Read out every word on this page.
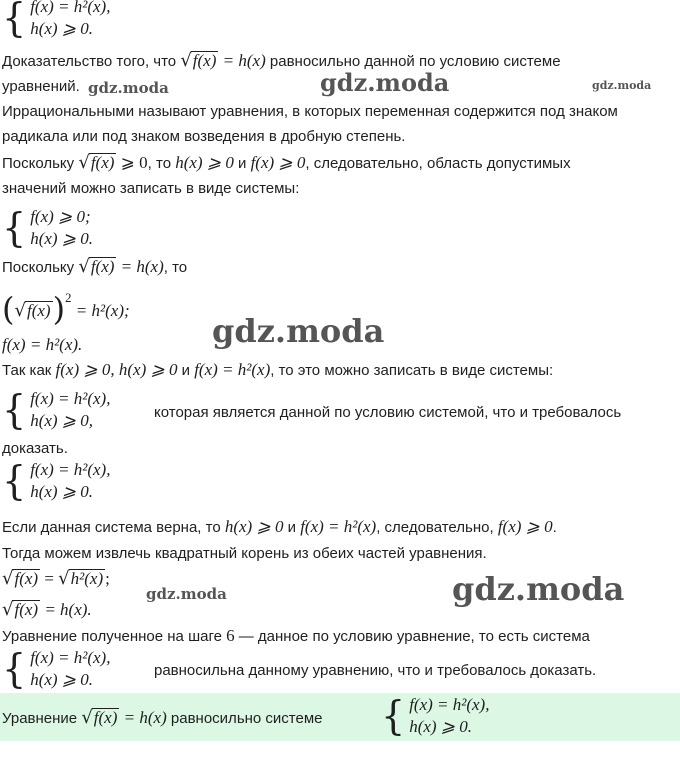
{ f(x) = h²(x),
h(x) ⩾ 0.
Доказательство того, что √f(x) = h(x) равносильно данной по условию системе
уравнений. gdz.moda	gdz.moda	gdz.moda
Иррациональными называют уравнения, в которых переменная содержится под знаком
радикала или под знаком возведения в дробную степень.
Поскольку √f(x) ⩾ 0, то h(x) ⩾ 0 и f(x) ⩾ 0, следовательно, область допустимых
значений можно записать в виде системы:
{ f(x) ⩾ 0;
h(x) ⩾ 0.
Поскольку √f(x) = h(x), то
$(√f(x))^2 = h^2(x)$;
gdz.moda
f(x) = h²(x).
Так как f(x) ⩾ 0, h(x) ⩾ 0 и f(x) = h²(x), то это можно записать в виде системы:
{ f(x) = h²(x),
h(x) ⩾ 0,	которая является данной по условию системой, что и требовалось
доказать.
{ f(x) = h²(x),
h(x) ⩾ 0.
Если данная система верна, то h(x) ⩾ 0 и f(x) = h²(x), следовательно, f(x) ⩾ 0.
Тогда можем извлечь квадратный корень из обеих частей уравнения.
√f(x) = √h²(x) ;
gdz.moda	gdz.moda
√f(x) = h(x).
Уравнение полученное на шаге 6 — данное по условию уравнение, то есть система
{ f(x) = h²(x),
h(x) ⩾ 0.	равносильна данному уравнению, что и требовалось доказать.
Уравнение √f(x) = h(x) равносильно системе { f(x) = h²(x),
h(x) ⩾ 0.
